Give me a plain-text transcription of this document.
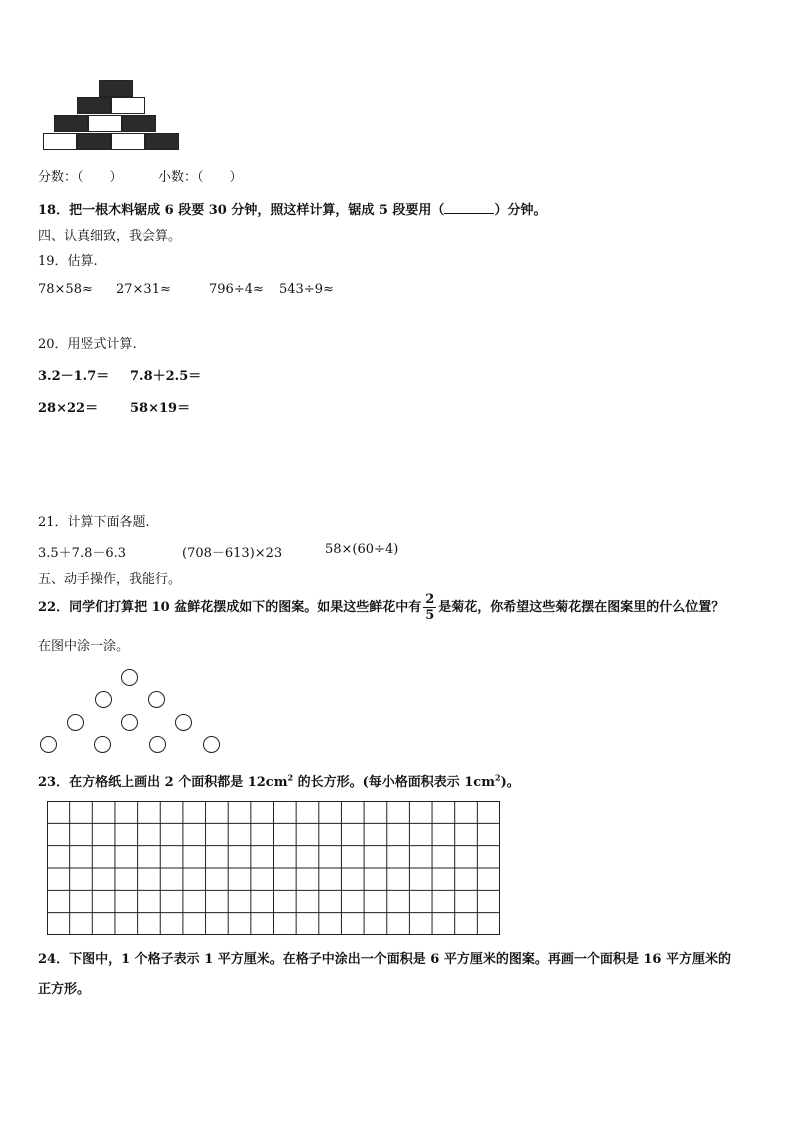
分数：（　　）	小数：（　　）
18．把一根木料锯成 6 段要 30 分钟，照这样计算，锯成 5 段要用（	）分钟。
四、认真细致，我会算。
19．估算.
78×58≈ 27×31≈	796÷4≈ 543÷9≈
20．用竖式计算.
3.2－1.7＝ 7.8＋2.5＝
28×22＝ 58×19＝
21．计算下面各题.
3.5＋7.8－6.3	(708－613)×23	58×(60÷4)
五、动手操作，我能行。
22．同学们打算把 10 盆鲜花摆成如下的图案。如果这些鲜花中有 $\frac{2}{5}$ 是菊花，你希望这些菊花摆在图案里的什么位置？
在图中涂一涂。
23．在方格纸上画出 2 个面积都是 $12cm^2$ 的长方形。(每小格面积表示 $1cm^2$)。
24．下图中，1 个格子表示 1 平方厘米。在格子中涂出一个面积是 6 平方厘米的图案。再画一个面积是 16 平方厘米的
正方形。
